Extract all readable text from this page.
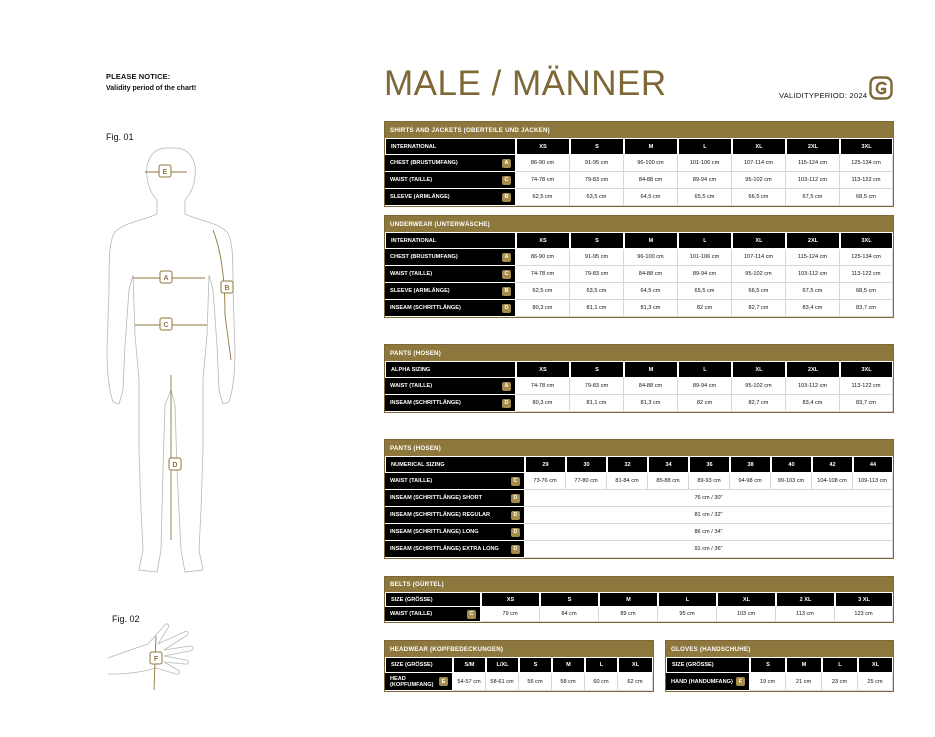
PLEASE NOTICE:
Validity period of the chart!
Fig. 01
E
A
B
C
D
Fig. 02
F
MALE / MÄNNER	VALIDITYPERIOD: 2024
SHIRTS AND JACKETS (OBERTEILE UND JACKEN)
INTERNATIONAL	XS	S	M	L	XL	2XL	3XL
CHEST (BRUSTUMFANG)	A	86-90 cm	91-95 cm	96-100 cm	101-106 cm	107-114 cm	115-124 cm	125-134 cm
WAIST (TAILLE)	C	74-78 cm	79-83 cm	84-88 cm	89-94 cm	95-102 cm	103-112 cm	113-122 cm
SLEEVE (ARMLÄNGE)	B	62,5 cm	63,5 cm	64,5 cm	65,5 cm	66,5 cm	67,5 cm	68,5 cm
UNDERWEAR (UNTERWÄSCHE)
INTERNATIONAL	XS	S	M	L	XL	2XL	3XL
CHEST (BRUSTUMFANG)	A	86-90 cm	91-95 cm	96-100 cm	101-106 cm	107-114 cm	115-124 cm	125-134 cm
WAIST (TAILLE)	C	74-78 cm	79-83 cm	84-88 cm	89-94 cm	95-102 cm	103-112 cm	113-122 cm
SLEEVE (ARMLÄNGE)	B	62,5 cm	63,5 cm	64,5 cm	65,5 cm	66,5 cm	67,5 cm	68,5 cm
INSEAM (SCHRITTLÄNGE)	D	80,3 cm	81,1 cm	81,3 cm	82 cm	82,7 cm	83,4 cm	83,7 cm
PANTS (HOSEN)
ALPHA SIZING	XS	S	M	L	XL	2XL	3XL
WAIST (TAILLE)	A	74-78 cm	79-83 cm	84-88 cm	89-94 cm	95-102 cm	103-112 cm	113-122 cm
INSEAM (SCHRITTLÄNGE)	D	80,3 cm	81,1 cm	81,3 cm	82 cm	82,7 cm	83,4 cm	83,7 cm
PANTS (HOSEN)
NUMERICAL SIZING	29	30	32	34	36	38	40	42	44
WAIST (TAILLE)	C	73-76 cm	77-80 cm	81-84 cm	85-88 cm	89-93 cm	94-98 cm	99-103 cm	104-108 cm	109-113 cm
INSEAM (SCHRITTLÄNGE) SHORT	D	76 cm / 30"
INSEAM (SCHRITTLÄNGE) REGULAR	D	81 cm / 32"
INSEAM (SCHRITTLÄNGE) LONG	D	86 cm / 34"
INSEAM (SCHRITTLÄNGE) EXTRA LONG	D	91 cm / 36"
BELTS (GÜRTEL)
SIZE (GRÖSSE)	XS	S	M	L	XL	2 XL	3 XL
WAIST (TAILLE)	C	79 cm	84 cm	89 cm	95 cm	103 cm	113 cm	123 cm
HEADWEAR (KOPFBEDECKUNGEN)
SIZE (GRÖSSE)	S/M	L/XL	S	M	L	XL
HEAD (KOPFUMFANG)	E	54-57 cm	58-61 cm	56 cm	58 cm	60 cm	62 cm
GLOVES (HANDSCHUHE)
SIZE (GRÖSSE)	S	M	L	XL
HAND (HANDUMFANG)	F	19 cm	21 cm	23 cm	25 cm
